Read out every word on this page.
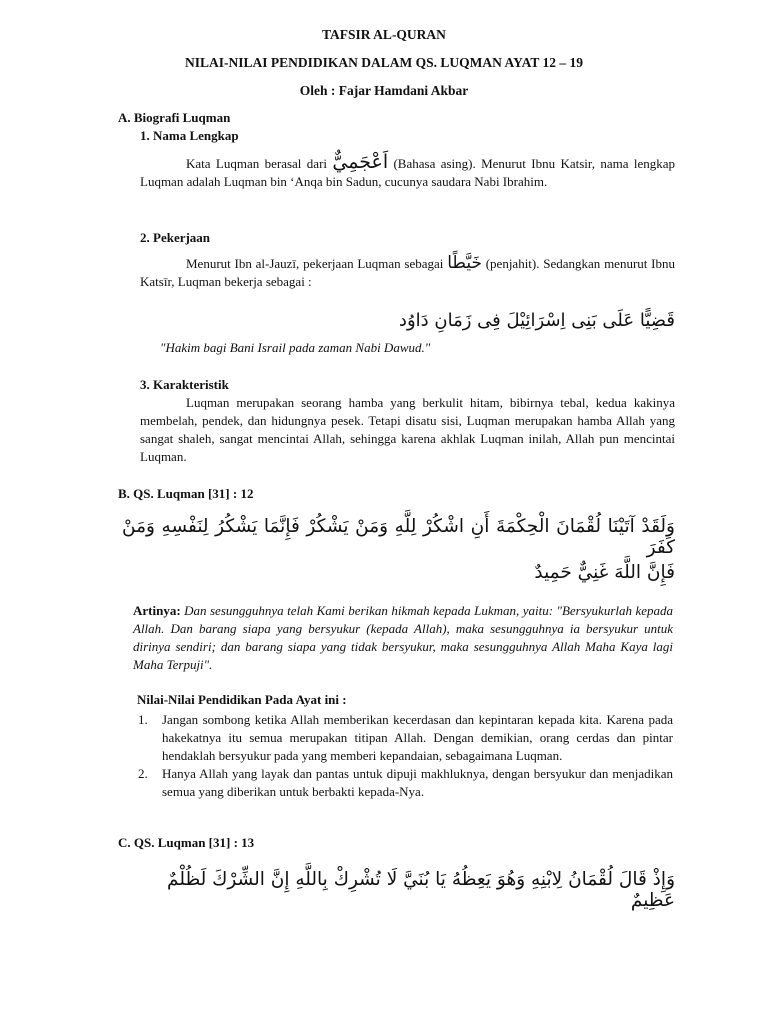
TAFSIR AL-QURAN
NILAI-NILAI PENDIDIKAN DALAM QS. LUQMAN AYAT 12 – 19
Oleh : Fajar Hamdani Akbar
A. Biografi Luqman
1. Nama Lengkap
Kata Luqman berasal dari اَعْجَمِيٌّ (Bahasa asing). Menurut Ibnu Katsir, nama lengkap Luqman adalah Luqman bin ‘Anqa bin Sadun, cucunya saudara Nabi Ibrahim.
2. Pekerjaan
Menurut Ibn al-Jauzī, pekerjaan Luqman sebagai خَيَّطًا (penjahit). Sedangkan menurut Ibnu Katsīr, Luqman bekerja sebagai :
قَضِيًّا عَلَى بَنِى اِسْرَائِيْلَ فِى زَمَانِ دَاوُد
"Hakim bagi Bani Israil pada zaman Nabi Dawud."
3. Karakteristik
Luqman merupakan seorang hamba yang berkulit hitam, bibirnya tebal, kedua kakinya membelah, pendek, dan hidungnya pesek. Tetapi disatu sisi, Luqman merupakan hamba Allah yang sangat shaleh, sangat mencintai Allah, sehingga karena akhlak Luqman inilah, Allah pun mencintai Luqman.
B. QS. Luqman [31] : 12
وَلَقَدْ آتَيْنَا لُقْمَانَ الْحِكْمَةَ أَنِ اشْكُرْ لِلَّهِ وَمَنْ يَشْكُرْ فَإِنَّمَا يَشْكُرُ لِنَفْسِهِ وَمَنْ كَفَرَ
فَإِنَّ اللَّهَ غَنِيٌّ حَمِيدٌ
Artinya: Dan sesungguhnya telah Kami berikan hikmah kepada Lukman, yaitu: "Bersyukurlah kepada Allah. Dan barang siapa yang bersyukur (kepada Allah), maka sesungguhnya ia bersyukur untuk dirinya sendiri; dan barang siapa yang tidak bersyukur, maka sesungguhnya Allah Maha Kaya lagi Maha Terpuji".
Nilai-Nilai Pendidikan Pada Ayat ini :
1. Jangan sombong ketika Allah memberikan kecerdasan dan kepintaran kepada kita. Karena pada hakekatnya itu semua merupakan titipan Allah. Dengan demikian, orang cerdas dan pintar hendaklah bersyukur pada yang memberi kepandaian, sebagaimana Luqman.
2. Hanya Allah yang layak dan pantas untuk dipuji makhluknya, dengan bersyukur dan menjadikan semua yang diberikan untuk berbakti kepada-Nya.
C. QS. Luqman [31] : 13
وَإِذْ قَالَ لُقْمَانُ لِابْنِهِ وَهُوَ يَعِظُهُ يَا بُنَيَّ لَا تُشْرِكْ بِاللَّهِ إِنَّ الشِّرْكَ لَظُلْمٌ عَظِيمٌ
